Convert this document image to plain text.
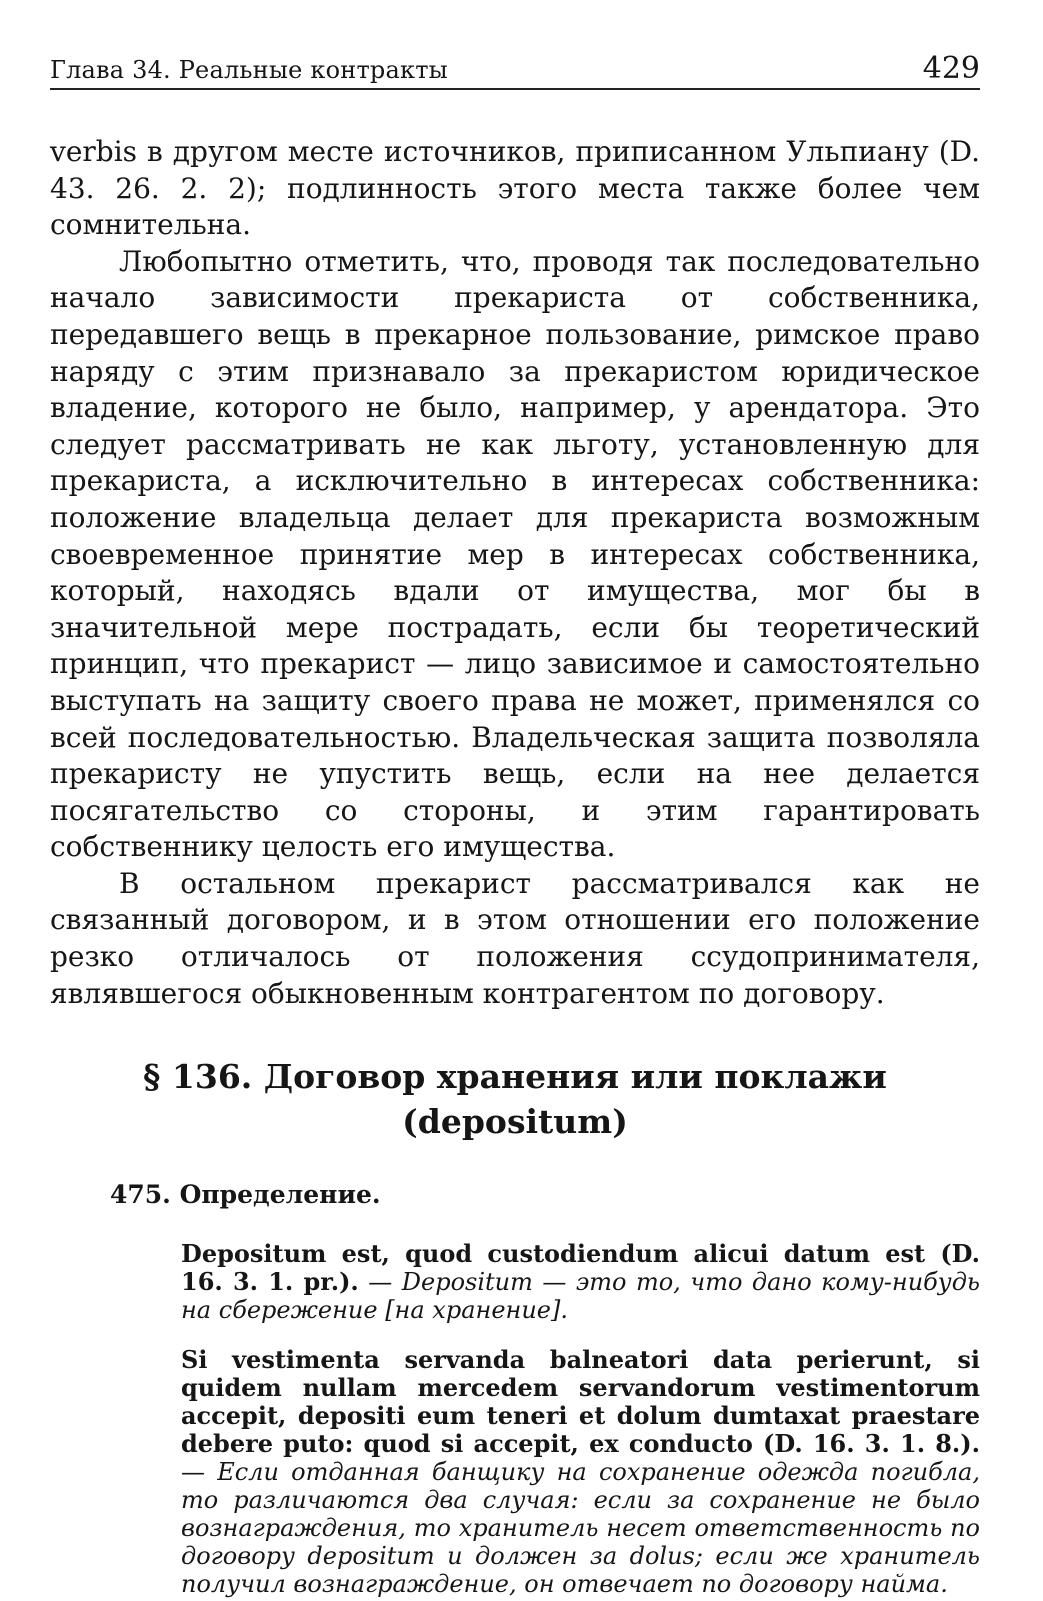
Глава 34. Реальные контракты	429

verbis в другом месте источников, приписанном Ульпиану (D. 43. 26. 2. 2); подлинность этого места также более чем сомнительна.

Любопытно отметить, что, проводя так последовательно начало зависимости прекариста от собственника, передавшего вещь в прекарное пользование, римское право наряду с этим признавало за прекаристом юридическое владение, которого не было, например, у арендатора. Это следует рассматривать не как льготу, установленную для прекариста, а исключительно в интересах собственника: положение владельца делает для прекариста возможным своевременное принятие мер в интересах собственника, который, находясь вдали от имущества, мог бы в значительной мере пострадать, если бы теоретический принцип, что прекарист — лицо зависимое и самостоятельно выступать на защиту своего права не может, применялся со всей последовательностью. Владельческая защита позволяла прекаристу не упустить вещь, если на нее делается посягательство со стороны, и этим гарантировать собственнику целость его имущества.

В остальном прекарист рассматривался как не связанный договором, и в этом отношении его положение резко отличалось от положения ссудопринимателя, являвшегося обыкновенным контрагентом по договору.

§ 136. Договор хранения или поклажи
(depositum)
475. Определение.
Depositum est, quod custodiendum alicui datum est (D. 16. 3. 1. pr.). — Depositum — это то, что дано кому-нибудь на сбережение [на хранение].
Si vestimenta servanda balneatori data perierunt, si quidem nullam mercedem servandorum vestimentorum accepit, depositi eum teneri et dolum dumtaxat praestare debere puto: quod si accepit, ex conducto (D. 16. 3. 1. 8.). — Если отданная банщику на сохранение одежда погибла, то различаются два случая: если за сохранение не было вознаграждения, то хранитель несет ответственность по договору depositum и должен за dolus; если же хранитель получил вознаграждение, он отвечает по договору найма.
